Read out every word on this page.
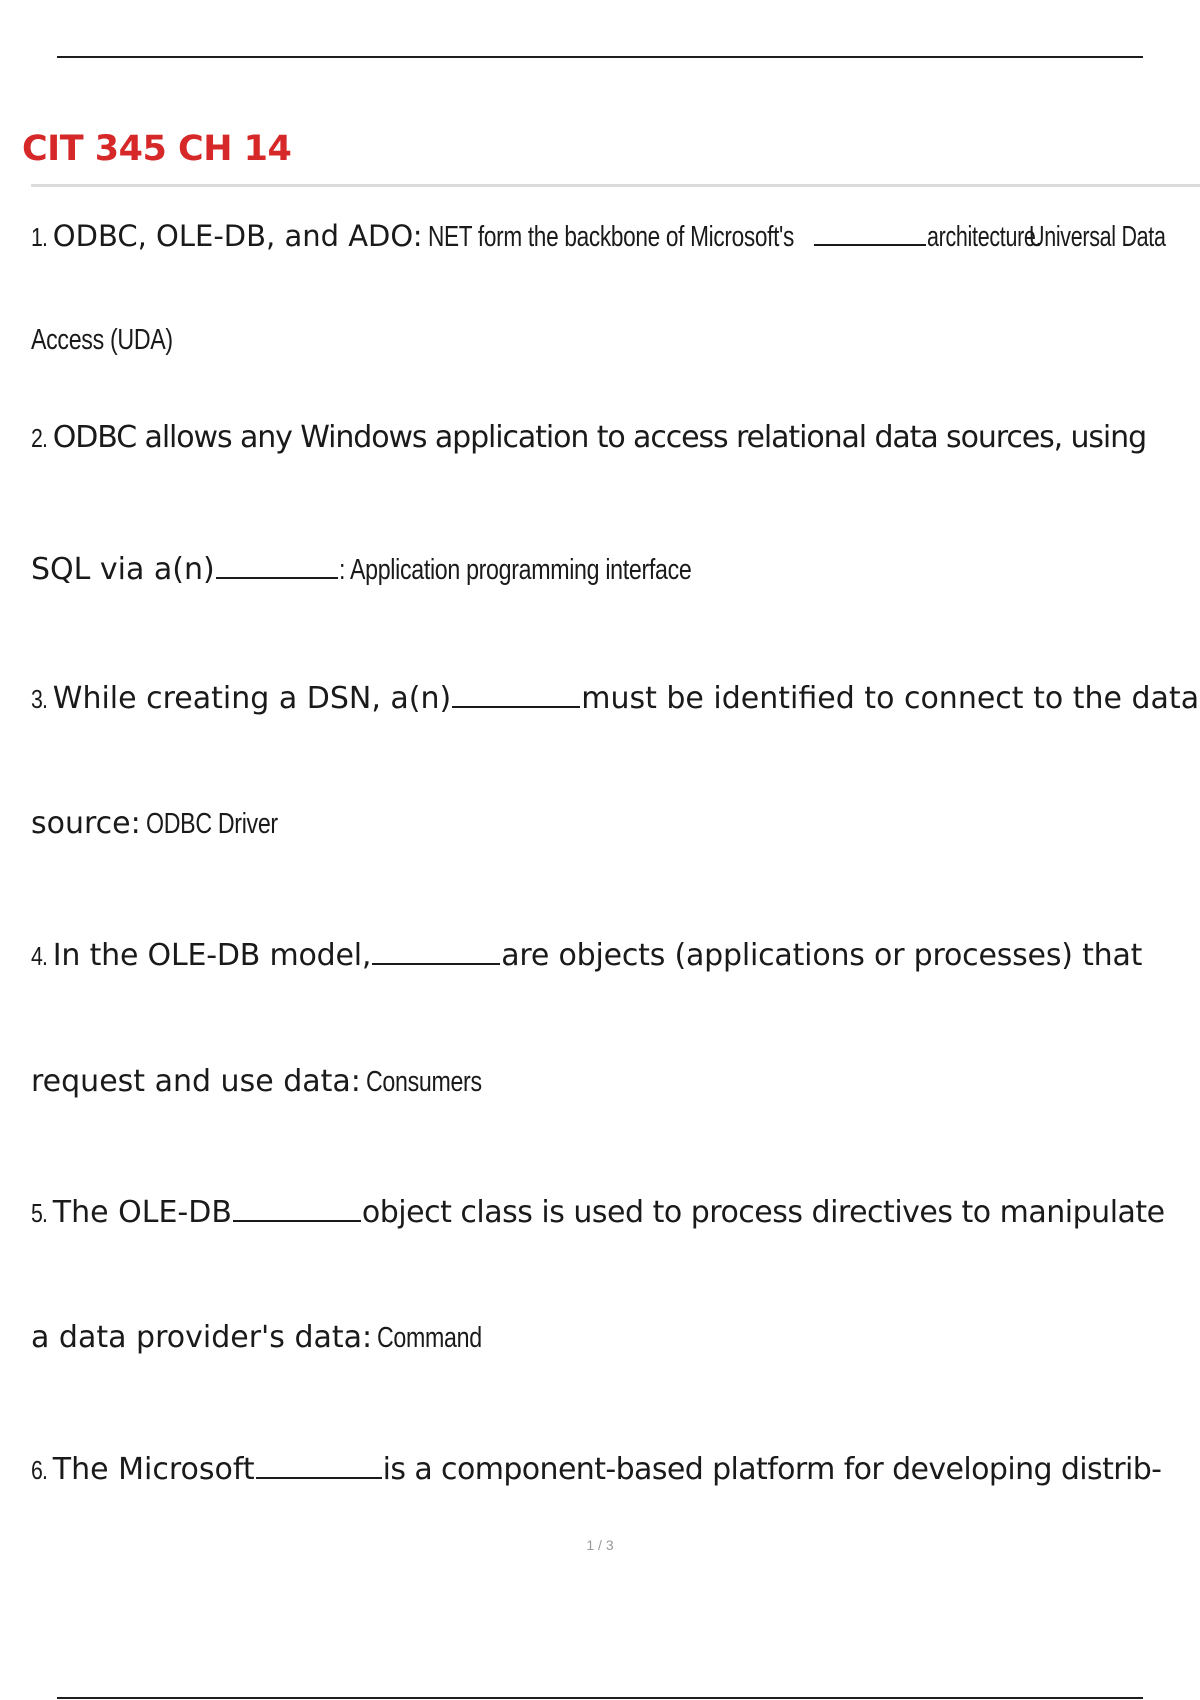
CIT 345 CH 14
1. ODBC, OLE-DB, and ADO: NET form the backbone of Microsoft's	architecture.Universal Data
Access (UDA)
2. ODBC allows any Windows application to access relational data sources, using
SQL via a(n)	: Application programming interface
3. While creating a DSN, a(n)	must be identified to connect to the data
source: ODBC Driver
4. In the OLE-DB model,	are objects (applications or processes) that
request and use data: Consumers
5. The OLE-DB	object class is used to process directives to manipulate
a data provider's data: Command
6. The Microsoft	is a component-based platform for developing distrib-
1 / 3
